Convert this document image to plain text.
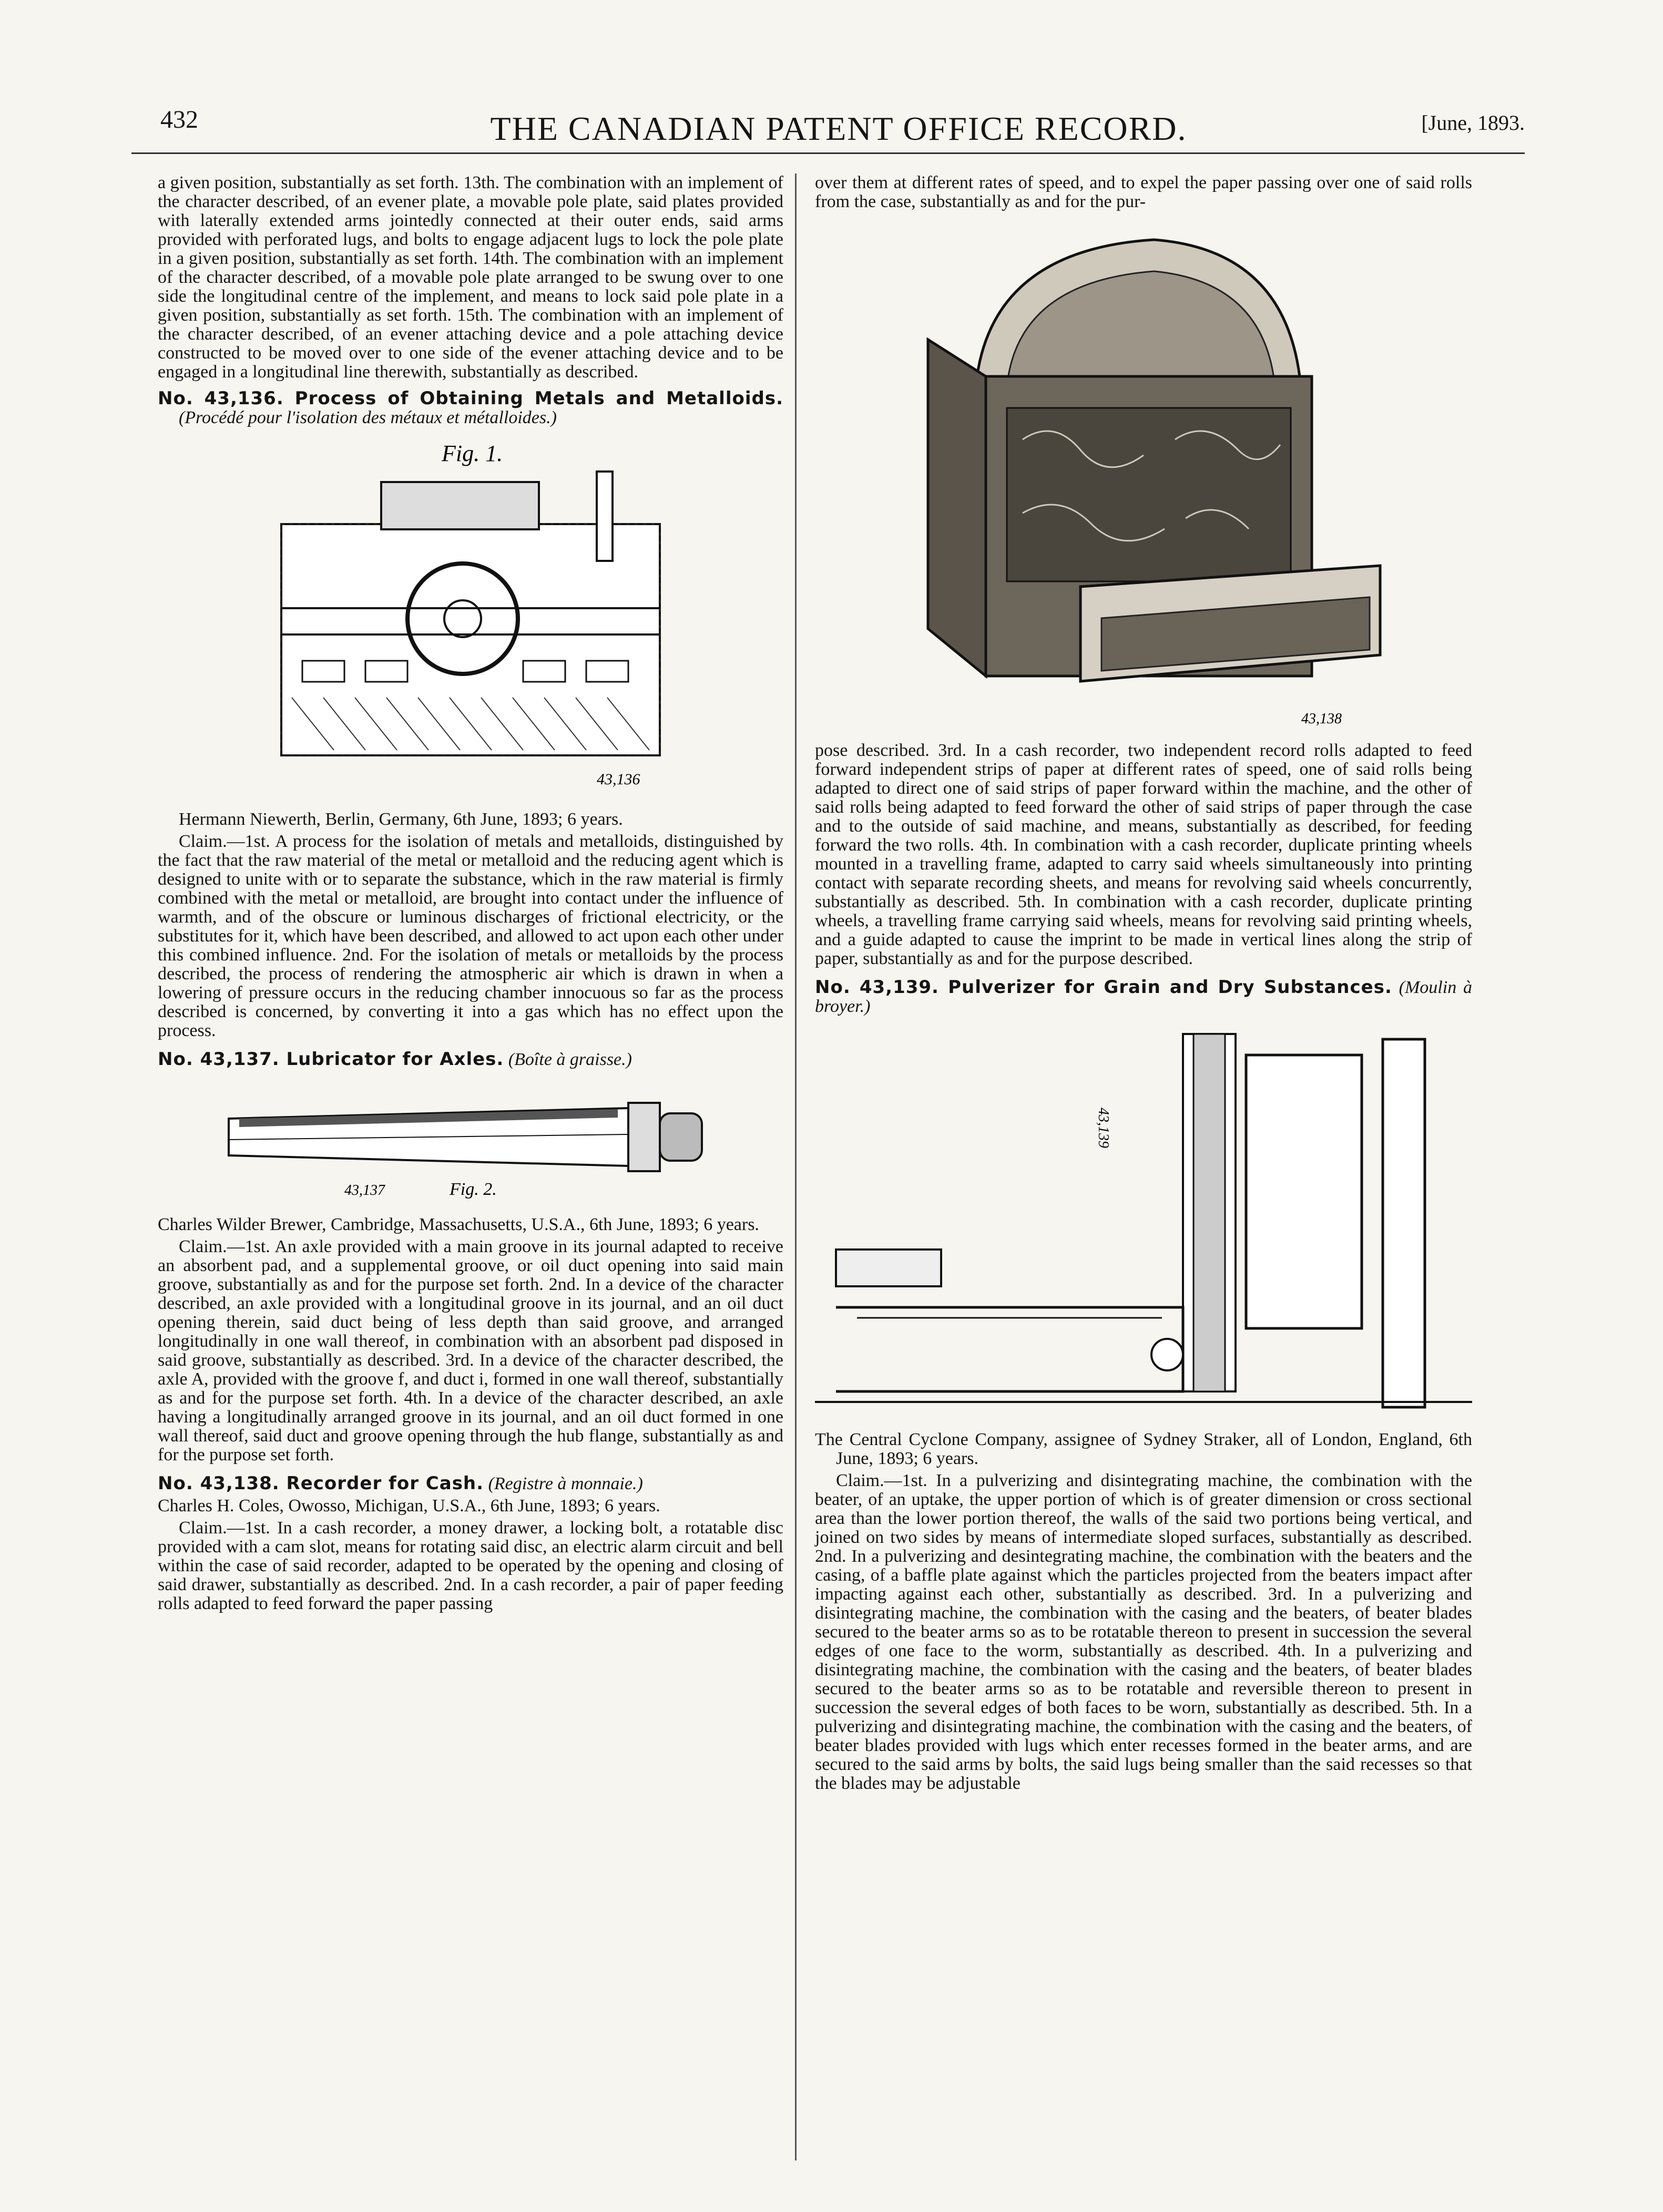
432	THE CANADIAN PATENT OFFICE RECORD.	[June, 1893.

a given position, substantially as set forth. 13th. The combination with an implement of the character described, of an evener plate, a movable pole plate, said plates provided with laterally extended arms jointedly connected at their outer ends, said arms provided with perforated lugs, and bolts to engage adjacent lugs to lock the pole plate in a given position, substantially as set forth. 14th. The combination with an implement of the character described, of a movable pole plate arranged to be swung over to one side the longitudinal centre of the implement, and means to lock said pole plate in a given position, substantially as set forth. 15th. The combination with an implement of the character described, of an evener attaching device and a pole attaching device constructed to be moved over to one side of the evener attaching device and to be engaged in a longitudinal line therewith, substantially as described.

No. 43,136. Process of Obtaining Metals and Metalloids. (Procédé pour l'isolation des métaux et métalloides.)

Fig. 1.
43,136

Hermann Niewerth, Berlin, Germany, 6th June, 1893; 6 years.

Claim.—1st. A process for the isolation of metals and metalloids, distinguished by the fact that the raw material of the metal or metalloid and the reducing agent which is designed to unite with or to separate the substance, which in the raw material is firmly combined with the metal or metalloid, are brought into contact under the influence of warmth, and of the obscure or luminous discharges of frictional electricity, or the substitutes for it, which have been described, and allowed to act upon each other under this combined influence. 2nd. For the isolation of metals or metalloids by the process described, the process of rendering the atmospheric air which is drawn in when a lowering of pressure occurs in the reducing chamber innocuous so far as the process described is concerned, by converting it into a gas which has no effect upon the process.

No. 43,137. Lubricator for Axles. (Boîte à graisse.)

43,137	Fig. 2.

Charles Wilder Brewer, Cambridge, Massachusetts, U.S.A., 6th June, 1893; 6 years.

Claim.—1st. An axle provided with a main groove in its journal adapted to receive an absorbent pad, and a supplemental groove, or oil duct opening into said main groove, substantially as and for the purpose set forth. 2nd. In a device of the character described, an axle provided with a longitudinal groove in its journal, and an oil duct opening therein, said duct being of less depth than said groove, and arranged longitudinally in one wall thereof, in combination with an absorbent pad disposed in said groove, substantially as described. 3rd. In a device of the character described, the axle A, provided with the groove f, and duct i, formed in one wall thereof, substantially as and for the purpose set forth. 4th. In a device of the character described, an axle having a longitudinally arranged groove in its journal, and an oil duct formed in one wall thereof, said duct and groove opening through the hub flange, substantially as and for the purpose set forth.

No. 43,138. Recorder for Cash. (Registre à monnaie.)

Charles H. Coles, Owosso, Michigan, U.S.A., 6th June, 1893; 6 years.

Claim.—1st. In a cash recorder, a money drawer, a locking bolt, a rotatable disc provided with a cam slot, means for rotating said disc, an electric alarm circuit and bell within the case of said recorder, adapted to be operated by the opening and closing of said drawer, substantially as described. 2nd. In a cash recorder, a pair of paper feeding rolls adapted to feed forward the paper passing

over them at different rates of speed, and to expel the paper passing over one of said rolls from the case, substantially as and for the pur-

43,138

pose described. 3rd. In a cash recorder, two independent record rolls adapted to feed forward independent strips of paper at different rates of speed, one of said rolls being adapted to direct one of said strips of paper forward within the machine, and the other of said rolls being adapted to feed forward the other of said strips of paper through the case and to the outside of said machine, and means, substantially as described, for feeding forward the two rolls. 4th. In combination with a cash recorder, duplicate printing wheels mounted in a travelling frame, adapted to carry said wheels simultaneously into printing contact with separate recording sheets, and means for revolving said wheels concurrently, substantially as described. 5th. In combination with a cash recorder, duplicate printing wheels, a travelling frame carrying said wheels, means for revolving said printing wheels, and a guide adapted to cause the imprint to be made in vertical lines along the strip of paper, substantially as and for the purpose described.

No. 43,139. Pulverizer for Grain and Dry Substances. (Moulin à broyer.)

43,139

The Central Cyclone Company, assignee of Sydney Straker, all of London, England, 6th June, 1893; 6 years.

Claim.—1st. In a pulverizing and disintegrating machine, the combination with the beater, of an uptake, the upper portion of which is of greater dimension or cross sectional area than the lower portion thereof, the walls of the said two portions being vertical, and joined on two sides by means of intermediate sloped surfaces, substantially as described. 2nd. In a pulverizing and desintegrating machine, the combination with the beaters and the casing, of a baffle plate against which the particles projected from the beaters impact after impacting against each other, substantially as described. 3rd. In a pulverizing and disintegrating machine, the combination with the casing and the beaters, of beater blades secured to the beater arms so as to be rotatable thereon to present in succession the several edges of one face to the worm, substantially as described. 4th. In a pulverizing and disintegrating machine, the combination with the casing and the beaters, of beater blades secured to the beater arms so as to be rotatable and reversible thereon to present in succession the several edges of both faces to be worn, substantially as described. 5th. In a pulverizing and disintegrating machine, the combination with the casing and the beaters, of beater blades provided with lugs which enter recesses formed in the beater arms, and are secured to the said arms by bolts, the said lugs being smaller than the said recesses so that the blades may be adjustable
